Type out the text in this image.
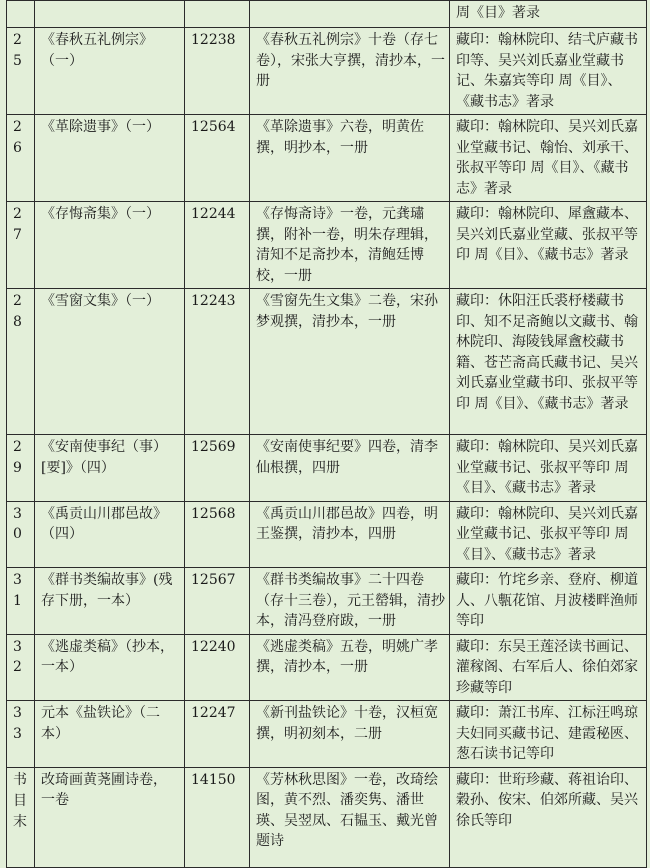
				周《目》著录
25	《春秋五礼例宗》（一）	12238	《春秋五礼例宗》十卷（存七卷），宋张大亨撰，清抄本，一册	藏印：翰林院印、结弌庐藏书印等、吴兴刘氏嘉业堂藏书记、朱嘉宾等印 周《目》、《藏书志》著录
26	《革除遗事》（一）	12564	《革除遗事》六卷，明黄佐撰，明抄本，一册	藏印：翰林院印、吴兴刘氏嘉业堂藏书记、翰怡、刘承干、张叔平等印 周《目》、《藏书志》著录
27	《存悔斋集》（一）	12244	《存悔斋诗》一卷，元龚璛撰，附补一卷，明朱存理辑，清知不足斋抄本，清鲍廷博校，一册	藏印：翰林院印、犀盦藏本、吴兴刘氏嘉业堂藏、张叔平等印 周《目》、《藏书志》著录
28	《雪窗文集》（一）	12243	《雪窗先生文集》二卷，宋孙梦观撰，清抄本，一册	藏印：休阳汪氏裘杼楼藏书印、知不足斋鲍以文藏书、翰林院印、海陵钱犀盦校藏书籍、苍芒斋高氏藏书记、吴兴刘氏嘉业堂藏书印、张叔平等印 周《目》、《藏书志》著录
29	《安南使事纪（事）[要]》（四）	12569	《安南使事纪要》四卷，清李仙根撰，四册	藏印：翰林院印、吴兴刘氏嘉业堂藏书记、张叔平等印 周《目》、《藏书志》著录
30	《禹贡山川郡邑故》（四）	12568	《禹贡山川郡邑故》四卷，明王鉴撰，清抄本，四册	藏印：翰林院印、吴兴刘氏嘉业堂藏书记、张叔平等印 周《目》、《藏书志》著录
31	《群书类编故事》(残存下册，一本）	12567	《群书类编故事》二十四卷（存十三卷），元王罃辑，清抄本，清冯登府跋，一册	藏印：竹垞乡亲、登府、柳道人、八甎花馆、月波楼畔渔师等印
32	《逃虚类稿》（抄本，一本）	12240	《逃虚类稿》五卷，明姚广孝撰，清抄本，一册	藏印：东吴王莲泾读书画记、灌稼阁、右军后人、徐伯郊家珍藏等印
33	元本《盐铁论》（二本）	12247	《新刊盐铁论》十卷，汉桓宽撰，明初刻本，二册	藏印：萧江书库、江标汪鸣琼夫妇同买藏书记、建霞秘匧、葱石读书记等印

书目末	改琦画黄荛圃诗卷，一卷	14150	《芳林秋思图》一卷，改琦绘图，黄不烈、潘奕隽、潘世瑛、吴翌凤、石韫玉、戴光曾题诗	藏印：世珩珍藏、蒋祖诒印、穀孙、侒宋、伯郊所藏、吴兴徐氏等印
